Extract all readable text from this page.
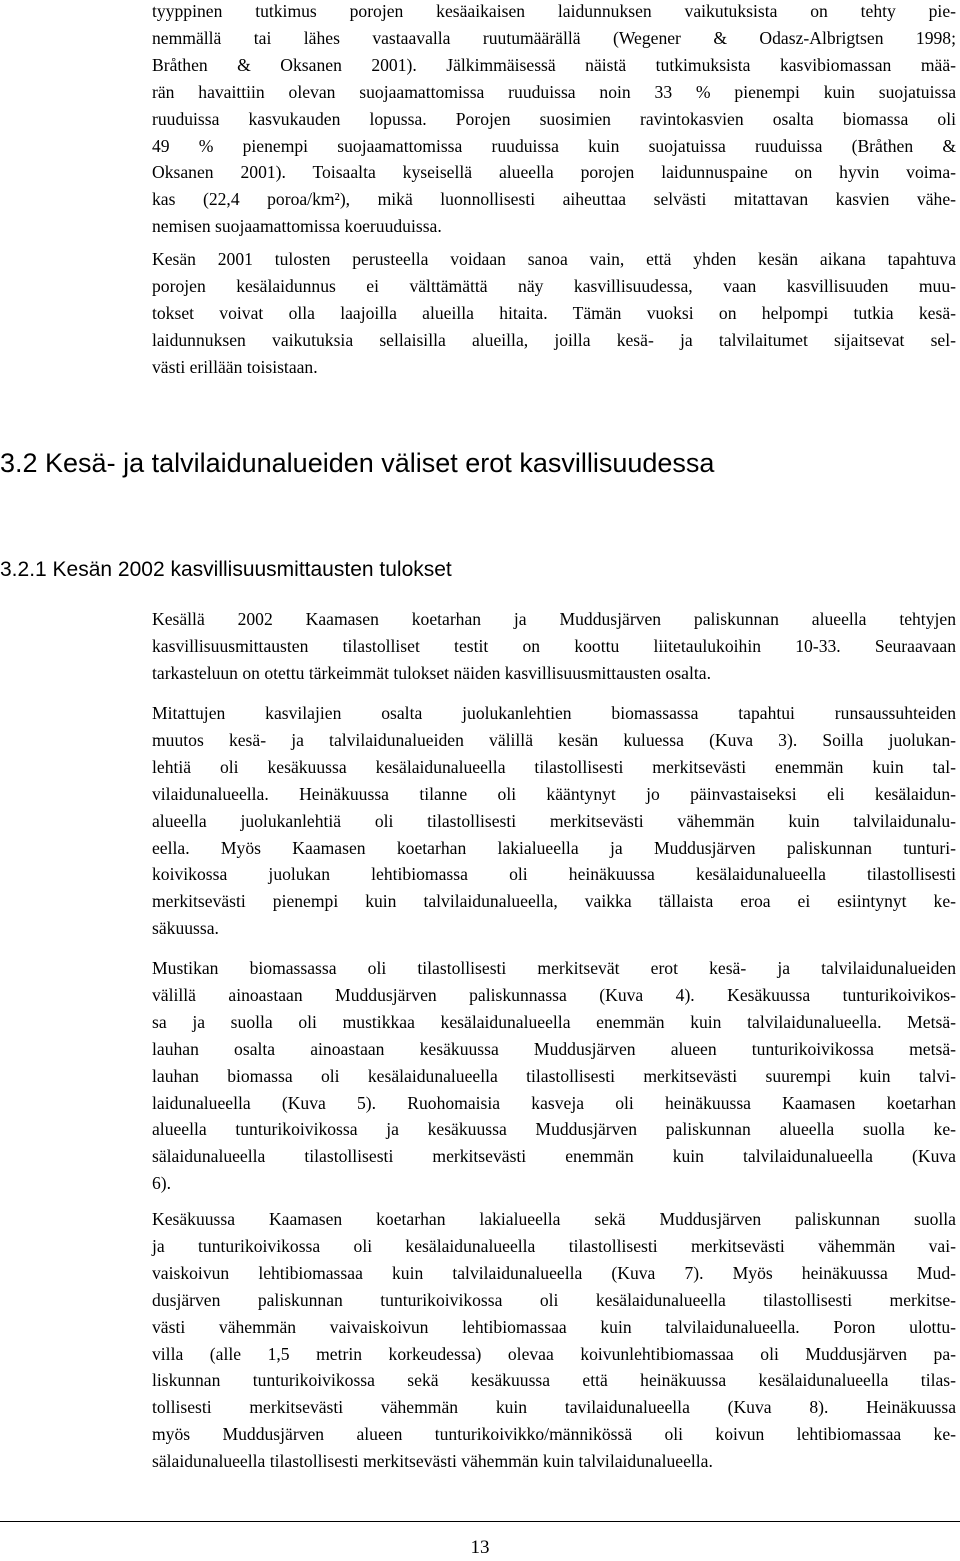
tyyppinen tutkimus porojen kesäaikaisen laidunnuksen vaikutuksista on tehty pie-
nemmällä tai lähes vastaavalla ruutumäärällä (Wegener & Odasz-Albrigtsen 1998;
Bråthen & Oksanen 2001). Jälkimmäisessä näistä tutkimuksista kasvibiomassan mää-
rän havaittiin olevan suojaamattomissa ruuduissa noin 33 % pienempi kuin suojatuissa
ruuduissa kasvukauden lopussa. Porojen suosimien ravintokasvien osalta biomassa oli
49 % pienempi suojaamattomissa ruuduissa kuin suojatuissa ruuduissa (Bråthen &
Oksanen 2001). Toisaalta kyseisellä alueella porojen laidunnuspaine on hyvin voima-
kas (22,4 poroa/km²), mikä luonnollisesti aiheuttaa selvästi mitattavan kasvien vähe-
nemisen suojaamattomissa koeruuduissa.
Kesän 2001 tulosten perusteella voidaan sanoa vain, että yhden kesän aikana tapahtuva
porojen kesälaidunnus ei välttämättä näy kasvillisuudessa, vaan kasvillisuuden muu-
tokset voivat olla laajoilla alueilla hitaita. Tämän vuoksi on helpompi tutkia kesä-
laidunnuksen vaikutuksia sellaisilla alueilla, joilla kesä- ja talvilaitumet sijaitsevat sel-
västi erillään toisistaan.
3.2 Kesä- ja talvilaidunalueiden väliset erot kasvillisuudessa
3.2.1 Kesän 2002 kasvillisuusmittausten tulokset
Kesällä 2002 Kaamasen koetarhan ja Muddusjärven paliskunnan alueella tehtyjen
kasvillisuusmittausten tilastolliset testit on koottu liitetaulukoihin 10-33. Seuraavaan
tarkasteluun on otettu tärkeimmät tulokset näiden kasvillisuusmittausten osalta.
Mitattujen kasvilajien osalta juolukanlehtien biomassassa tapahtui runsaussuhteiden
muutos kesä- ja talvilaidunalueiden välillä kesän kuluessa (Kuva 3). Soilla juolukan-
lehtiä oli kesäkuussa kesälaidunalueella tilastollisesti merkitsevästi enemmän kuin tal-
vilaidunalueella. Heinäkuussa tilanne oli kääntynyt jo päinvastaiseksi eli kesälaidun-
alueella juolukanlehtiä oli tilastollisesti merkitsevästi vähemmän kuin talvilaidunalu-
eella. Myös Kaamasen koetarhan lakialueella ja Muddusjärven paliskunnan tunturi-
koivikossa juolukan lehtibiomassa oli heinäkuussa kesälaidunalueella tilastollisesti
merkitsevästi pienempi kuin talvilaidunalueella, vaikka tällaista eroa ei esiintynyt ke-
säkuussa.
Mustikan biomassassa oli tilastollisesti merkitsevät erot kesä- ja talvilaidunalueiden
välillä ainoastaan Muddusjärven paliskunnassa (Kuva 4). Kesäkuussa tunturikoivikos-
sa ja suolla oli mustikkaa kesälaidunalueella enemmän kuin talvilaidunalueella. Metsä-
lauhan osalta ainoastaan kesäkuussa Muddusjärven alueen tunturikoivikossa metsä-
lauhan biomassa oli kesälaidunalueella tilastollisesti merkitsevästi suurempi kuin talvi-
laidunalueella (Kuva 5). Ruohomaisia kasveja oli heinäkuussa Kaamasen koetarhan
alueella tunturikoivikossa ja kesäkuussa Muddusjärven paliskunnan alueella suolla ke-
sälaidunalueella tilastollisesti merkitsevästi enemmän kuin talvilaidunalueella (Kuva
6).
Kesäkuussa Kaamasen koetarhan lakialueella sekä Muddusjärven paliskunnan suolla
ja tunturikoivikossa oli kesälaidunalueella tilastollisesti merkitsevästi vähemmän vai-
vaiskoivun lehtibiomassaa kuin talvilaidunalueella (Kuva 7). Myös heinäkuussa Mud-
dusjärven paliskunnan tunturikoivikossa oli kesälaidunalueella tilastollisesti merkitse-
västi vähemmän vaivaiskoivun lehtibiomassaa kuin talvilaidunalueella. Poron ulottu-
villa (alle 1,5 metrin korkeudessa) olevaa koivunlehtibiomassaa oli Muddusjärven pa-
liskunnan tunturikoivikossa sekä kesäkuussa että heinäkuussa kesälaidunalueella tilas-
tollisesti merkitsevästi vähemmän kuin tavilaidunalueella (Kuva 8). Heinäkuussa
myös Muddusjärven alueen tunturikoivikko/männikössä oli koivun lehtibiomassaa ke-
sälaidunalueella tilastollisesti merkitsevästi vähemmän kuin talvilaidunalueella.
13
